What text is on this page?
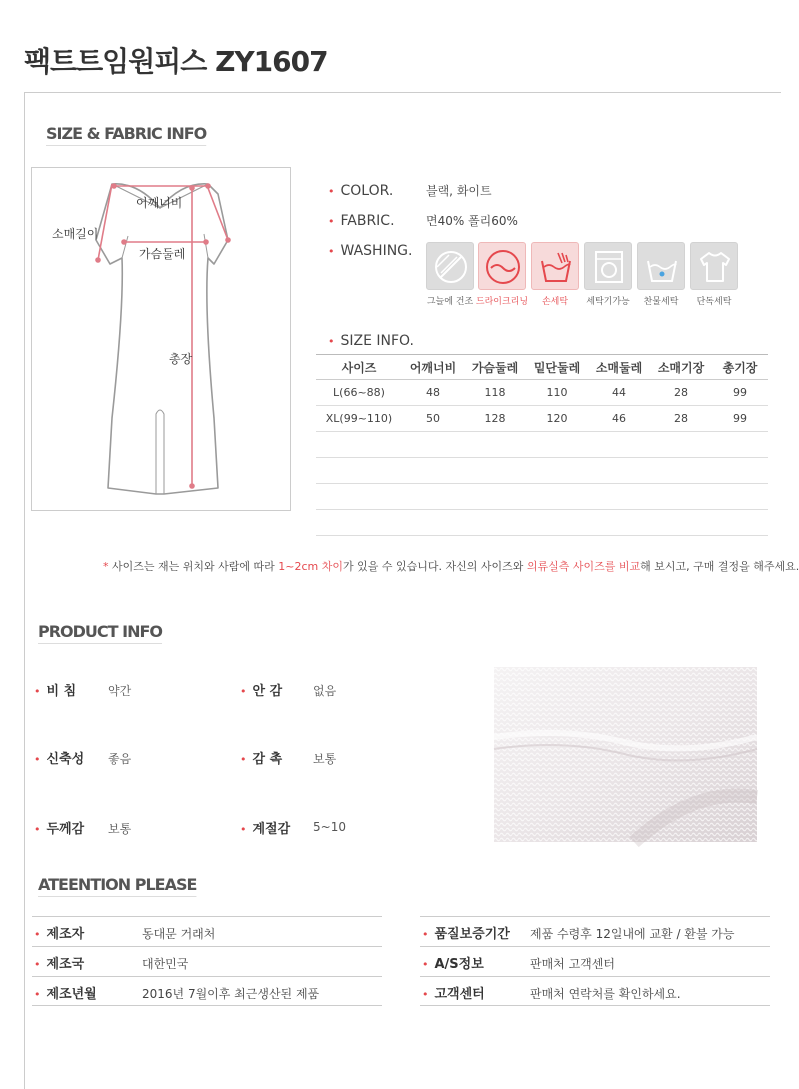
팩트트임원피스 ZY1607
SIZE & FABRIC INFO
어깨너비
소매길이
가슴둘레
총장
• COLOR.	블랙, 화이트
• FABRIC.	면40% 폴리60%
• WASHING.
그늘에 건조 드라이크리닝	손세탁	세탁기가능	찬물세탁	단독세탁
• SIZE INFO.
사이즈	어깨너비	가슴둘레	밑단둘레	소매둘레	소매기장	총기장
L(66~88)	48	118	110	44	28	99
XL(99~110)	50	128	120	46	28	99

* 사이즈는 재는 위치와 사람에 따라 1~2cm 차이가 있을 수 있습니다. 자신의 사이즈와 의류실측 사이즈를 비교해 보시고, 구매 결정을 해주세요.
PRODUCT INFO
• 비 침	약간	• 안 감	없음
• 신축성 좋음	• 감 촉	보통
• 두께감 보통	• 계절감 5~10
ATEENTION PLEASE
• 제조자	동대문 거래처
• 제조국	대한민국
• 제조년월	2016년 7월이후 최근생산된 제품
• 품질보증기간 제품 수령후 12일내에 교환 / 환불 가능
• A/S정보	판매처 고객센터
• 고객센터	판매처 연락처를 확인하세요.
